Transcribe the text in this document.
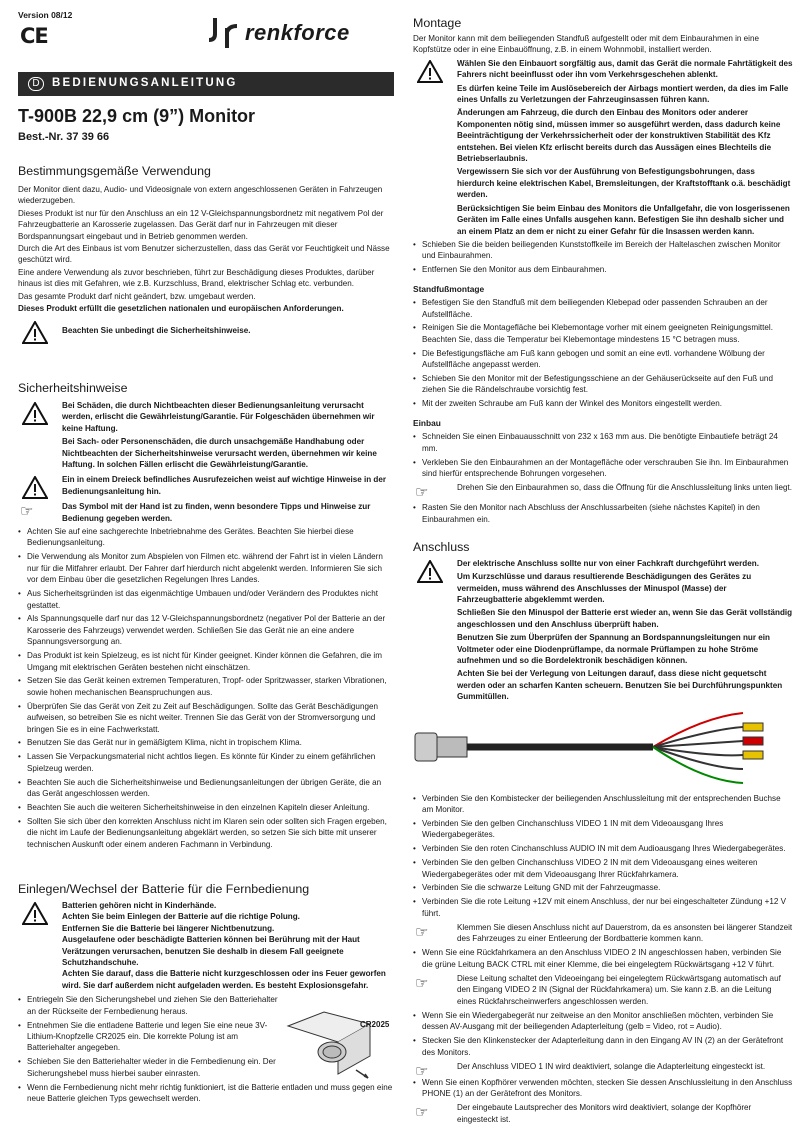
Version 08/12
CE	renkforce
D	BEDIENUNGSANLEITUNG
T-900B 22,9 cm (9”) Monitor
Best.-Nr. 37 39 66
Bestimmungsgemäße Verwendung

Der Monitor dient dazu, Audio- und Videosignale von extern angeschlossenen Geräten in Fahrzeugen wiederzugeben.

Dieses Produkt ist nur für den Anschluss an ein 12 V-Gleichspannungsbordnetz mit negativem Pol der Fahrzeugbatterie an Karosserie zugelassen. Das Gerät darf nur in Fahrzeugen mit dieser Bordspannungsart eingebaut und in Betrieb genommen werden.

Durch die Art des Einbaus ist vom Benutzer sicherzustellen, dass das Gerät vor Feuchtigkeit und Nässe geschützt wird.

Eine andere Verwendung als zuvor beschrieben, führt zur Beschädigung dieses Produktes, darüber hinaus ist dies mit Gefahren, wie z.B. Kurzschluss, Brand, elektrischer Schlag etc. verbunden.

Das gesamte Produkt darf nicht geändert, bzw. umgebaut werden.

Dieses Produkt erfüllt die gesetzlichen nationalen und europäischen Anforderungen.

Beachten Sie unbedingt die Sicherheitshinweise.

Sicherheitshinweise

Bei Schäden, die durch Nichtbeachten dieser Bedienungsanleitung verursacht werden, erlischt die Gewährleistung/Garantie. Für Folgeschäden übernehmen wir keine Haftung.

Bei Sach- oder Personenschäden, die durch unsachgemäße Handhabung oder Nichtbeachten der Sicherheitshinweise verursacht werden, übernehmen wir keine Haftung. In solchen Fällen erlischt die Gewährleistung/Garantie.

Ein in einem Dreieck befindliches Ausrufezeichen weist auf wichtige Hinweise in der Bedienungsanleitung hin.

☞	Das Symbol mit der Hand ist zu finden, wenn besondere Tipps und Hinweise zur Bedienung gegeben werden.

• Achten Sie auf eine sachgerechte Inbetriebnahme des Gerätes. Beachten Sie hierbei diese Bedienungsanleitung.
• Die Verwendung als Monitor zum Abspielen von Filmen etc. während der Fahrt ist in vielen Ländern nur für die Mitfahrer erlaubt. Der Fahrer darf hierdurch nicht abgelenkt werden. Informieren Sie sich vor dem Einbau über die gesetzlichen Regelungen Ihres Landes.
• Aus Sicherheitsgründen ist das eigenmächtige Umbauen und/oder Verändern des Produktes nicht gestattet.
• Als Spannungsquelle darf nur das 12 V-Gleichspannungsbordnetz (negativer Pol der Batterie an der Karosserie des Fahrzeugs) verwendet werden. Schließen Sie das Gerät nie an eine andere Spannungsversorgung an.
• Das Produkt ist kein Spielzeug, es ist nicht für Kinder geeignet. Kinder können die Gefahren, die im Umgang mit elektrischen Geräten bestehen nicht einschätzen.
• Setzen Sie das Gerät keinen extremen Temperaturen, Tropf- oder Spritzwasser, starken Vibrationen, sowie hohen mechanischen Beanspruchungen aus.
• Überprüfen Sie das Gerät von Zeit zu Zeit auf Beschädigungen. Sollte das Gerät Beschädigungen aufweisen, so betreiben Sie es nicht weiter. Trennen Sie das Gerät von der Stromversorgung und bringen Sie es in eine Fachwerkstatt.
• Benutzen Sie das Gerät nur in gemäßigtem Klima, nicht in tropischem Klima.
• Lassen Sie Verpackungsmaterial nicht achtlos liegen. Es könnte für Kinder zu einem gefährlichen Spielzeug werden.
• Beachten Sie auch die Sicherheitshinweise und Bedienungsanleitungen der übrigen Geräte, die an das Gerät angeschlossen werden.
• Beachten Sie auch die weiteren Sicherheitshinweise in den einzelnen Kapiteln dieser Anleitung.
• Sollten Sie sich über den korrekten Anschluss nicht im Klaren sein oder sollten sich Fragen ergeben, die nicht im Laufe der Bedienungsanleitung abgeklärt werden, so setzen Sie sich bitte mit unserer technischen Auskunft oder einem anderen Fachmann in Verbindung.
Einlegen/Wechsel der Batterie für die Fernbedienung

Batterien gehören nicht in Kinderhände.

Achten Sie beim Einlegen der Batterie auf die richtige Polung.

Entfernen Sie die Batterie bei längerer Nichtbenutzung.

Ausgelaufene oder beschädigte Batterien können bei Berührung mit der Haut Verätzungen verursachen, benutzen Sie deshalb in diesem Fall geeignete Schutzhandschuhe.

Achten Sie darauf, dass die Batterie nicht kurzgeschlossen oder ins Feuer geworfen wird. Sie darf außerdem nicht aufgeladen werden. Es besteht Explosionsgefahr.

• Entriegeln Sie den Sicherungshebel und ziehen Sie den Batteriehalter an der Rückseite der Fernbedienung heraus.
• Entnehmen Sie die entladene Batterie und legen Sie eine neue 3V-Lithium-Knopfzelle CR2025 ein. Die korrekte Polung ist am Batteriehalter angegeben.
• Schieben Sie den Batteriehalter wieder in die Fernbedienung ein. Der Sicherungshebel muss hierbei sauber einrasten.
CR2025
• Wenn die Fernbedienung nicht mehr richtig funktioniert, ist die Batterie entladen und muss gegen eine neue Batterie gleichen Typs gewechselt werden.
Montage

Der Monitor kann mit dem beiliegenden Standfuß aufgestellt oder mit dem Einbaurahmen in eine Kopfstütze oder in eine Einbauöffnung, z.B. in einem Wohnmobil, installiert werden.

Wählen Sie den Einbauort sorgfältig aus, damit das Gerät die normale Fahrtätigkeit des Fahrers nicht beeinflusst oder ihn vom Verkehrsgeschehen ablenkt.

Es dürfen keine Teile im Auslösebereich der Airbags montiert werden, da dies im Falle eines Unfalls zu Verletzungen der Fahrzeuginsassen führen kann.

Änderungen am Fahrzeug, die durch den Einbau des Monitors oder anderer Komponenten nötig sind, müssen immer so ausgeführt werden, dass dadurch keine Beeinträchtigung der Verkehrssicherheit oder der konstruktiven Stabilität des Kfz entstehen. Bei vielen Kfz erlischt bereits durch das Aussägen eines Blechteils die Betriebserlaubnis.

Vergewissern Sie sich vor der Ausführung von Befestigungsbohrungen, dass hierdurch keine elektrischen Kabel, Bremsleitungen, der Kraftstofftank o.ä. beschädigt werden.

Berücksichtigen Sie beim Einbau des Monitors die Unfallgefahr, die von losgerissenen Geräten im Falle eines Unfalls ausgehen kann. Befestigen Sie ihn deshalb sicher und an einem Platz an dem er nicht zu einer Gefahr für die Insassen werden kann.

• Schieben Sie die beiden beiliegenden Kunststoffkeile im Bereich der Haltelaschen zwischen Monitor und Einbaurahmen.
• Entfernen Sie den Monitor aus dem Einbaurahmen.
Standfußmontage
• Befestigen Sie den Standfuß mit dem beiliegenden Klebepad oder passenden Schrauben an der Aufstellfläche.
• Reinigen Sie die Montagefläche bei Klebemontage vorher mit einem geeigneten Reinigungsmittel. Beachten Sie, dass die Temperatur bei Klebemontage mindestens 15 °C betragen muss.
• Die Befestigungsfläche am Fuß kann gebogen und somit an eine evtl. vorhandene Wölbung der Aufstellfläche angepasst werden.
• Schieben Sie den Monitor mit der Befestigungsschiene an der Gehäuserückseite auf den Fuß und ziehen Sie die Rändelschraube vorsichtig fest.
• Mit der zweiten Schraube am Fuß kann der Winkel des Monitors eingestellt werden.
Einbau
• Schneiden Sie einen Einbauausschnitt von 232 x 163 mm aus. Die benötigte Einbautiefe beträgt 24 mm.
• Verkleben Sie den Einbaurahmen an der Montagefläche oder verschrauben Sie ihn. Im Einbaurahmen sind hierfür entsprechende Bohrungen vorgesehen.
☞	Drehen Sie den Einbaurahmen so, dass die Öffnung für die Anschlussleitung links unten liegt.

• Rasten Sie den Monitor nach Abschluss der Anschlussarbeiten (siehe nächstes Kapitel) in den Einbaurahmen ein.
Anschluss

Der elektrische Anschluss sollte nur von einer Fachkraft durchgeführt werden.

Um Kurzschlüsse und daraus resultierende Beschädigungen des Gerätes zu vermeiden, muss während des Anschlusses der Minuspol (Masse) der Fahrzeugbatterie abgeklemmt werden.

Schließen Sie den Minuspol der Batterie erst wieder an, wenn Sie das Gerät vollständig angeschlossen und den Anschluss überprüft haben.

Benutzen Sie zum Überprüfen der Spannung an Bordspannungsleitungen nur ein Voltmeter oder eine Diodenprüflampe, da normale Prüflampen zu hohe Ströme aufnehmen und so die Bordelektronik beschädigen können.

Achten Sie bei der Verlegung von Leitungen darauf, dass diese nicht gequetscht werden oder an scharfen Kanten scheuern. Benutzen Sie bei Durchführungspunkten Gummitüllen.

• Verbinden Sie den Kombistecker der beiliegenden Anschlussleitung mit der entsprechenden Buchse am Monitor.
• Verbinden Sie den gelben Cinchanschluss VIDEO 1 IN mit dem Videoausgang Ihres Wiedergabegerätes.
• Verbinden Sie den roten Cinchanschluss AUDIO IN mit dem Audioausgang Ihres Wiedergabegerätes.
• Verbinden Sie den gelben Cinchanschluss VIDEO 2 IN mit dem Videoausgang eines weiteren Wiedergabegerätes oder mit dem Videoausgang Ihrer Rückfahrkamera.
• Verbinden Sie die schwarze Leitung GND mit der Fahrzeugmasse.
• Verbinden Sie die rote Leitung +12V mit einem Anschluss, der nur bei eingeschalteter Zündung +12 V führt.
☞	Klemmen Sie diesen Anschluss nicht auf Dauerstrom, da es ansonsten bei längerer Standzeit des Fahrzeuges zu einer Entleerung der Bordbatterie kommen kann.

• Wenn Sie eine Rückfahrkamera an den Anschluss VIDEO 2 IN angeschlossen haben, verbinden Sie die grüne Leitung BACK CTRL mit einer Klemme, die bei eingelegtem Rückwärtsgang +12 V führt.
☞	Diese Leitung schaltet den Videoeingang bei eingelegtem Rückwärtsgang automatisch auf den Eingang VIDEO 2 IN (Signal der Rückfahrkamera) um. Sie kann z.B. an die Leitung eines Rückfahrscheinwerfers angeschlossen werden.

• Wenn Sie ein Wiedergabegerät nur zeitweise an den Monitor anschließen möchten, verbinden Sie dessen AV-Ausgang mit der beiliegenden Adapterleitung (gelb = Video, rot = Audio).
• Stecken Sie den Klinkenstecker der Adapterleitung dann in den Eingang AV IN (2) an der Gerätefront des Monitors.
☞	Der Anschluss VIDEO 1 IN wird deaktiviert, solange die Adapterleitung eingesteckt ist.

• Wenn Sie einen Kopfhörer verwenden möchten, stecken Sie dessen Anschlussleitung in den Anschluss PHONE (1) an der Gerätefront des Monitors.
☞	Der eingebaute Lautsprecher des Monitors wird deaktiviert, solange der Kopfhörer eingesteckt ist.
